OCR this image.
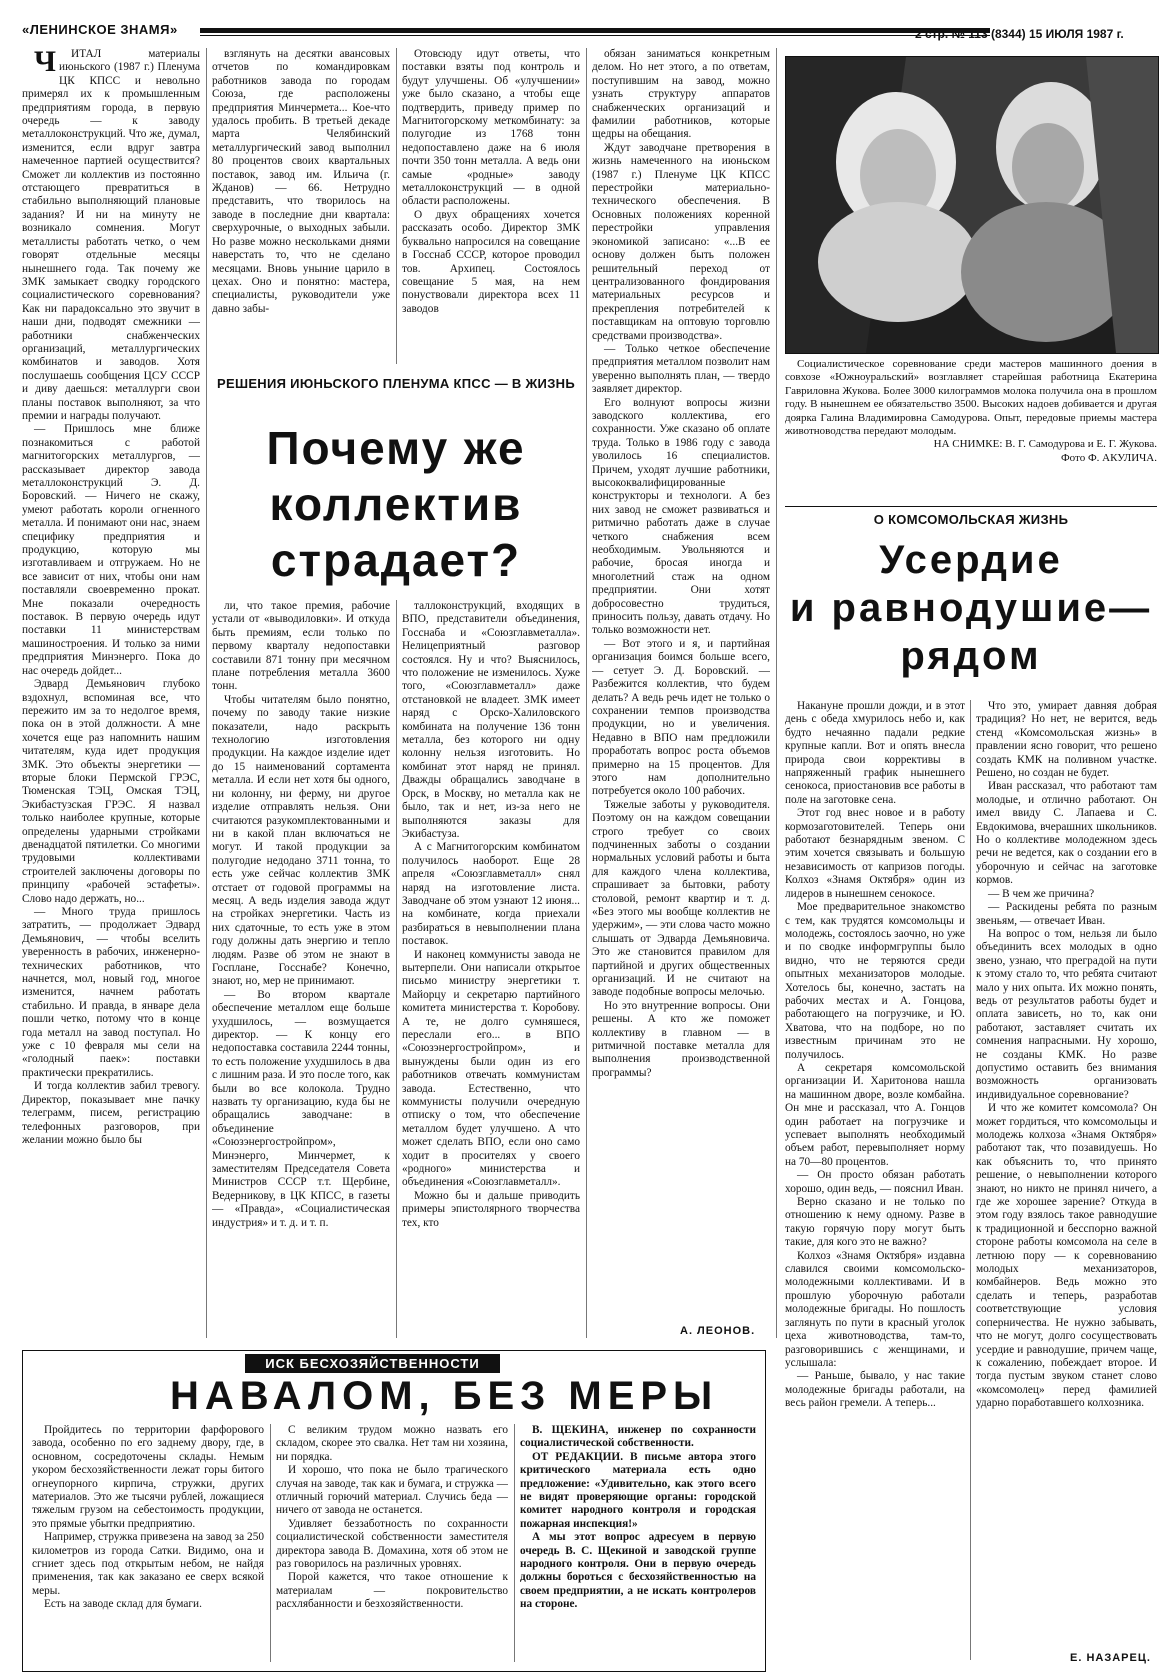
«ЛЕНИНСКОЕ ЗНАМЯ»	2 стр. № 113 (8344) 15 ИЮЛЯ 1987 г.

ЧИТАЛ материалы июньского (1987 г.) Пленума ЦК КПСС и невольно примерял их к промышленным предприятиям города, в первую очередь — к заводу металлоконструкций. Что же, думал, изменится, если вдруг завтра намеченное партией осуществится? Сможет ли коллектив из постоянно отстающего превратиться в стабильно выполняющий плановые задания? И ни на минуту не возникало сомнения. Могут металлисты работать четко, о чем говорят отдельные месяцы нынешнего года. Так почему же ЗМК замыкает сводку городского социалистического соревнования? Как ни парадоксально это звучит в наши дни, подводят смежники — работники снабженческих организаций, металлургических комбинатов и заводов. Хотя послушаешь сообщения ЦСУ СССР и диву даешься: металлурги свои планы поставок выполняют, за что премии и награды получают.

— Пришлось мне ближе познакомиться с работой магнитогорских металлургов, — рассказывает директор завода металлоконструкций Э. Д. Боровский. — Ничего не скажу, умеют работать короли огненного металла. И понимают они нас, знаем специфику предприятия и продукцию, которую мы изготавливаем и отгружаем. Но не все зависит от них, чтобы они нам поставляли своевременно прокат. Мне показали очередность поставок. В первую очередь идут поставки 11 министерствам машиностроения. И только за ними предприятия Минэнерго. Пока до нас очередь дойдет...

Эдвард Демьянович глубоко вздохнул, вспоминая все, что пережито им за то недолгое время, пока он в этой должности. А мне хочется еще раз напомнить нашим читателям, куда идет продукция ЗМК. Это объекты энергетики — вторые блоки Пермской ГРЭС, Тюменская ТЭЦ, Омская ТЭЦ, Экибастузская ГРЭС. Я назвал только наиболее крупные, которые определены ударными стройками двенадцатой пятилетки. Со многими трудовыми коллективами строителей заключены договоры по принципу «рабочей эстафеты». Слово надо держать, но...

— Много труда пришлось затратить, — продолжает Эдвард Демьянович, — чтобы вселить уверенность в рабочих, инженерно-технических работников, что начнется, мол, новый год, многое изменится, начнем работать стабильно. И правда, в январе дела пошли четко, потому что в конце года металл на завод поступал. Но уже с 10 февраля мы сели на «голодный паек»: поставки практически прекратились.

И тогда коллектив забил тревогу. Директор, показывает мне пачку телеграмм, писем, регистрацию телефонных разговоров, при желании можно было бы

взглянуть на десятки авансовых отчетов по командировкам работников завода по городам Союза, где расположены предприятия Минчермета... Кое-что удалось пробить. В третьей декаде марта Челябинский металлургический завод выполнил 80 процентов своих квартальных поставок, завод им. Ильича (г. Жданов) — 66. Нетрудно представить, что творилось на заводе в последние дни квартала: сверхурочные, о выходных забыли. Но разве можно нескольками днями наверстать то, что не сделано месяцами. Вновь уныние царило в цехах. Оно и понятно: мастера, специалисты, руководители уже давно забы-

Отовсюду идут ответы, что поставки взяты под контроль и будут улучшены. Об «улучшении» уже было сказано, а чтобы еще подтвердить, приведу пример по Магнитогорскому меткомбинату: за полугодие из 1768 тонн недопоставлено даже на 6 июля почти 350 тонн металла. А ведь они самые «родные» заводу металлоконструкций — в одной области расположены.

О двух обращениях хочется рассказать особо. Директор ЗМК буквально напросился на совещание в Госснаб СССР, которое проводил тов. Архипец. Состоялось совещание 5 мая, на нем понуствовали директора всех 11 заводов

обязан заниматься конкретным делом. Но нет этого, а по ответам, поступившим на завод, можно узнать структуру аппаратов снабженческих организаций и фамилии работников, которые щедры на обещания.

Ждут заводчане претворения в жизнь намеченного на июньском (1987 г.) Пленуме ЦК КПСС перестройки материально-технического обеспечения. В Основных положениях коренной перестройки управления экономикой записано: «...В ее основу должен быть положен решительный переход от централизованного фондирования материальных ресурсов и прекрепления потребителей к поставщикам на оптовую торговлю средствами производства».

— Только четкое обеспечение предприятия металлом позволит нам уверенно выполнять план, — твердо заявляет директор.

Его волнуют вопросы жизни заводского коллектива, его сохранности. Уже сказано об оплате труда. Только в 1986 году с завода уволилось 16 специалистов. Причем, уходят лучшие работники, высококвалифицированные конструкторы и технологи. А без них завод не сможет развиваться и ритмично работать даже в случае четкого снабжения всем необходимым. Увольняются и рабочие, бросая иногда и многолетний стаж на одном предприятии. Они хотят добросовестно трудиться, приносить пользу, давать отдачу. Но только возможности нет.

— Вот этого и я, и партийная организация боимся больше всего, — сетует Э. Д. Боровский. — Разбежится коллектив, что будем делать? А ведь речь идет не только о сохранении темпов производства продукции, но и увеличения. Недавно в ВПО нам предложили проработать вопрос роста объемов примерно на 15 процентов. Для этого нам дополнительно потребуется около 100 рабочих.

Тяжелые заботы у руководителя. Поэтому он на каждом совещании строго требует со своих подчиненных заботы о создании нормальных условий работы и быта для каждого члена коллектива, спрашивает за бытовки, работу столовой, ремонт квартир и т. д. «Без этого мы вообще коллектив не удержим», — эти слова часто можно слышать от Эдварда Демьяновича. Это же становится правилом для партийной и других общественных организаций. И не считают на заводе подобные вопросы мелочью.

Но это внутренние вопросы. Они решены. А кто же поможет коллективу в главном — в ритмичной поставке металла для выполнения производственной программы?

РЕШЕНИЯ ИЮНЬСКОГО ПЛЕНУМА КПСС — В ЖИЗНЬ
Почему же
коллектив
страдает?

ли, что такое премия, рабочие устали от «выводиловки». И откуда быть премиям, если только по первому кварталу недопоставки составили 871 тонну при месячном плане потребления металла 3600 тонн.

Чтобы читателям было понятно, почему по заводу такие низкие показатели, надо раскрыть технологию изготовления продукции. На каждое изделие идет до 15 наименований сортамента металла. И если нет хотя бы одного, ни колонну, ни ферму, ни другое изделие отправлять нельзя. Они считаются разукомплектованными и ни в какой план включаться не могут. И такой продукции за полугодие недодано 3711 тонна, то есть уже сейчас коллектив ЗМК отстает от годовой программы на месяц. А ведь изделия завода ждут на стройках энергетики. Часть из них сдаточные, то есть уже в этом году должны дать энергию и тепло людям. Разве об этом не знают в Госплане, Госснабе? Конечно, знают, но, мер не принимают.

— Во втором квартале обеспечение металлом еще больше ухудшилось, — возмущается директор. — К концу его недопоставка составила 2244 тонны, то есть положение ухудшилось в два с лишним раза. И это после того, как были во все колокола. Трудно назвать ту организацию, куда бы не обращались заводчане: в объединение «Союзэнергостройпром», Минэнерго, Минчермет, к заместителям Председателя Совета Министров СССР т.т. Щербине, Ведерникову, в ЦК КПСС, в газеты — «Правда», «Социалистическая индустрия» и т. д. и т. п.

таллоконструкций, входящих в ВПО, представители объединения, Госснаба и «Союзглавметалла». Нелицеприятный разговор состоялся. Ну и что? Выяснилось, что положение не изменилось. Хуже того, «Союзглавметалл» даже отстановкой не владеет. ЗМК имеет наряд с Орско-Халиловского комбината на получение 136 тонн металла, без которого ни одну колонну нельзя изготовить. Но комбинат этот наряд не принял. Дважды обращались заводчане в Орск, в Москву, но металла как не было, так и нет, из-за него не выполняются заказы для Экибастуза.

А с Магнитогорским комбинатом получилось наоборот. Еще 28 апреля «Союзглавметалл» снял наряд на изготовление листа. Заводчане об этом узнают 12 июня... на комбинате, когда приехали разбираться в невыполнении плана поставок.

И наконец коммунисты завода не вытерпели. Они написали открытое письмо министру энергетики т. Майорцу и секретарю партийного комитета министерства т. Коробову. А те, не долго сумняшеся, переслали его... в ВПО «Союзэнергостройпром», и вынуждены были один из его работников отвечать коммунистам завода. Естественно, что коммунисты получили очередную отписку о том, что обеспечение металлом будет улучшено. А что может сделать ВПО, если оно само ходит в просителях у своего «родного» министерства и объединения «Союзглавметалл».

Можно бы и дальше приводить примеры эпистолярного творчества тех, кто

А. ЛЕОНОВ.
Социалистическое соревнование среди мастеров машинного доения в совхозе «Южноуральский» возглавляет старейшая работница Екатерина Гавриловна Жукова. Более 3000 килограммов молока получила она в прошлом году. В нынешнем ее обязательство 3500. Высоких надоев добивается и другая доярка Галина Владимировна Самодурова. Опыт, передовые приемы мастера животноводства передают молодым.
НА СНИМКЕ: В. Г. Самодурова и Е. Г. Жукова.
Фото Ф. АКУЛИЧА.
О КОМСОМОЛЬСКАЯ ЖИЗНЬ
Усердие
и равнодушие—
рядом

Накануне прошли дожди, и в этот день с обеда хмурилось небо и, как будто нечаянно падали редкие крупные капли. Вот и опять внесла природа свои коррективы в напряженный график нынешнего сенокоса, приостановив все работы в поле на заготовке сена.

Этот год внес новое и в работу кормозаготовителей. Теперь они работают безнарядным звеном. С этим хочется связывать и большую независимость от капризов погоды. Колхоз «Знамя Октября» один из лидеров в нынешнем сенокосе.

Мое предварительное знакомство с тем, как трудятся комсомольцы и молодежь, состоялось заочно, но уже и по сводке информгруппы было видно, что не теряются среди опытных механизаторов молодые. Хотелось бы, конечно, застать на рабочих местах и А. Гонцова, работающего на погрузчике, и Ю. Хватова, что на подборе, но по известным причинам это не получилось.

А секретаря комсомольской организации И. Харитонова нашла на машинном дворе, возле комбайна. Он мне и рассказал, что А. Гонцов один работает на погрузчике и успевает выполнять необходимый объем работ, перевыполняет норму на 70—80 процентов.

— Он просто обязан работать хорошо, один ведь, — пояснил Иван.

Верно сказано и не только по отношению к нему одному. Разве в такую горячую пору могут быть такие, для кого это не важно?

Колхоз «Знамя Октября» издавна славился своими комсомольско-молодежными коллективами. И в прошлую уборочную работали молодежные бригады. Но пошлость заглянуть по пути в красный уголок цеха животноводства, там-то, разговорившись с женщинами, и услышала:

— Раньше, бывало, у нас такие молодежные бригады работали, на весь район гремели. А теперь...

Что это, умирает давняя добрая традиция? Но нет, не верится, ведь стенд «Комсомольская жизнь» в правлении ясно говорит, что решено создать КМК на поливном участке. Решено, но создан не будет.

Иван рассказал, что работают там молодые, и отлично работают. Он имел ввиду С. Лапаева и С. Евдокимова, вчерашних школьников. Но о коллективе молодежном здесь речи не ведется, как о создании его в уборочную и сейчас на заготовке кормов.

— В чем же причина?

— Раскидены ребята по разным звеньям, — отвечает Иван.

На вопрос о том, нельзя ли было объединить всех молодых в одно звено, узнаю, что преградой на пути к этому стало то, что ребята считают мало у них опыта. Их можно понять, ведь от результатов работы будет и оплата зависеть, но то, как они работают, заставляет считать их сомнения напрасными. Ну хорошо, не созданы КМК. Но разве допустимо оставить без внимания возможность организовать индивидуальное соревнование?

И что же комитет комсомола? Он может гордиться, что комсомольцы и молодежь колхоза «Знамя Октября» работают так, что позавидуешь. Но как объяснить то, что принято решение, о невыполнении которого знают, но никто не принял ничего, а где же хорошее зарение? Откуда в этом году взялось такое равнодушие к традиционной и бесспорно важной стороне работы комсомола на селе в летнюю пору — к соревнованию молодых механизаторов, комбайнеров. Ведь можно это сделать и теперь, разработав соответствующие условия соперничества. Не нужно забывать, что не могут, долго сосуществовать усердие и равнодушие, причем чаще, к сожалению, побеждает второе. И тогда пустым звуком станет слово «комсомолец» перед фамилией ударно поработавшего колхозника.

Е. НАЗАРЕЦ.
ИСК БЕСХОЗЯЙСТВЕННОСТИ
НАВАЛОМ, БЕЗ МЕРЫ

Пройдитесь по территории фарфорового завода, особенно по его заднему двору, где, в основном, сосредоточены склады. Немым укором бесхозяйственности лежат горы битого огнеупорного кирпича, стружки, других материалов. Это же тысячи рублей, ложащиеся тяжелым грузом на себестоимость продукции, это прямые убытки предприятию.

Например, стружка привезена на завод за 250 километров из города Сатки. Видимо, она и сгниет здесь под открытым небом, не найдя применения, так как заказано ее сверх всякой меры.

Есть на заводе склад для бумаги.

С великим трудом можно назвать его складом, скорее это свалка. Нет там ни хозяина, ни порядка.

И хорошо, что пока не было трагического случая на заводе, так как и бумага, и стружка — отличный горючий материал. Случись беда — ничего от завода не останется.

Удивляет беззаботность по сохранности социалистической собственности заместителя директора завода В. Домахина, хотя об этом не раз говорилось на различных уровнях.

Порой кажется, что такое отношение к материалам — покровительство расхлябанности и безхозяйственности.

В. ЩЕКИНА, инженер по сохранности социалистической собственности.

ОТ РЕДАКЦИИ. В письме автора этого критического материала есть одно предложение: «Удивительно, как этого всего не видят проверяющие органы: городской комитет народного контроля и городская пожарная инспекция!»

А мы этот вопрос адресуем в первую очередь В. С. Щекиной и заводской группе народного контроля. Они в первую очередь должны бороться с бесхозяйственностью на своем предприятии, а не искать контролеров на стороне.
